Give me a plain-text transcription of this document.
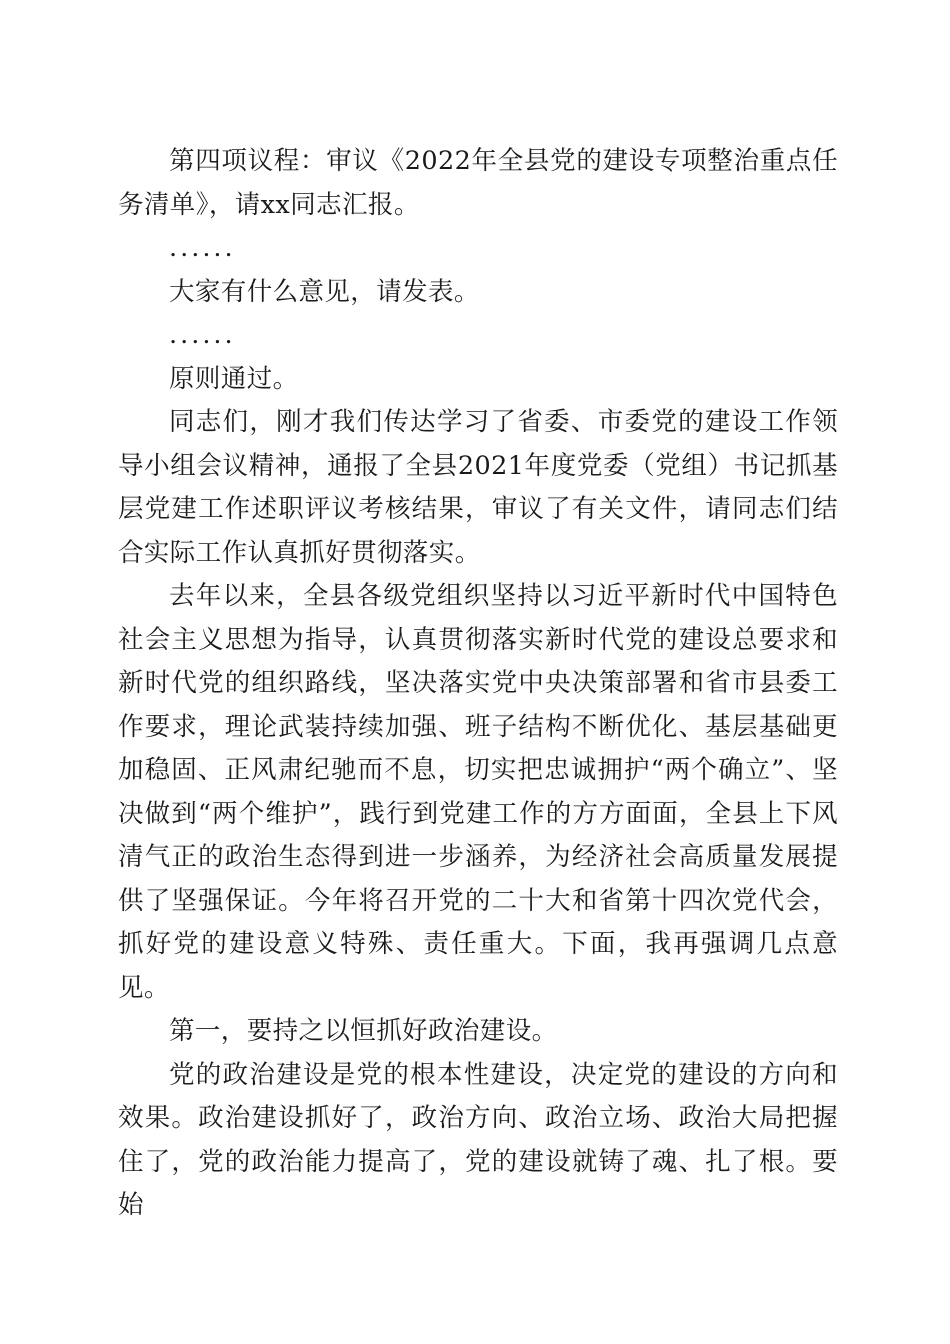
第四项议程：审议《2022年全县党的建设专项整治重点任务清单》，请xx同志汇报。

......

大家有什么意见，请发表。

......

原则通过。

同志们，刚才我们传达学习了省委、市委党的建设工作领导小组会议精神，通报了全县2021年度党委（党组）书记抓基层党建工作述职评议考核结果，审议了有关文件，请同志们结合实际工作认真抓好贯彻落实。

去年以来，全县各级党组织坚持以习近平新时代中国特色社会主义思想为指导，认真贯彻落实新时代党的建设总要求和新时代党的组织路线，坚决落实党中央决策部署和省市县委工作要求，理论武装持续加强、班子结构不断优化、基层基础更加稳固、正风肃纪驰而不息，切实把忠诚拥护“两个确立”、坚决做到“两个维护”，践行到党建工作的方方面面，全县上下风清气正的政治生态得到进一步涵养，为经济社会高质量发展提供了坚强保证。今年将召开党的二十大和省第十四次党代会，抓好党的建设意义特殊、责任重大。下面，我再强调几点意见。

第一，要持之以恒抓好政治建设。

党的政治建设是党的根本性建设，决定党的建设的方向和效果。政治建设抓好了，政治方向、政治立场、政治大局把握住了，党的政治能力提高了，党的建设就铸了魂、扎了根。要始
